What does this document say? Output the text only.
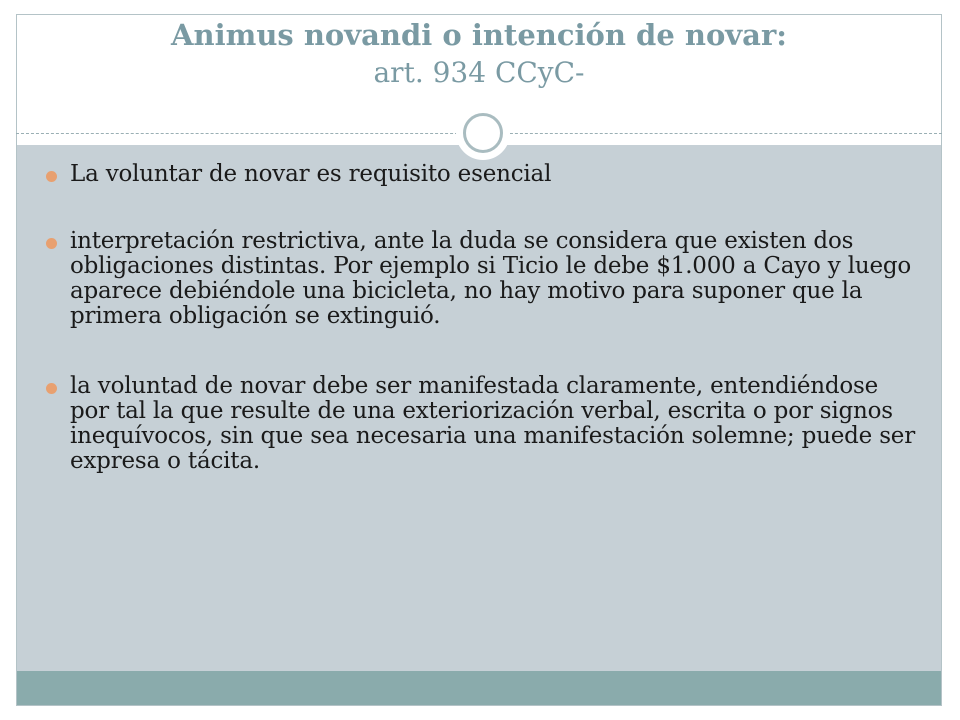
Animus novandi o intención de novar:
art. 934 CCyC-
La voluntar de novar es requisito esencial
interpretación restrictiva, ante la duda se considera que existen dos obligaciones distintas. Por ejemplo si Ticio le debe $1.000 a Cayo y luego aparece debiéndole una bicicleta, no hay motivo para suponer que la primera obligación se extinguió.
la voluntad de novar debe ser manifestada claramente, entendiéndose por tal la que resulte de una exteriorización verbal, escrita o por signos inequívocos, sin que sea necesaria una manifestación solemne; puede ser expresa o tácita.
